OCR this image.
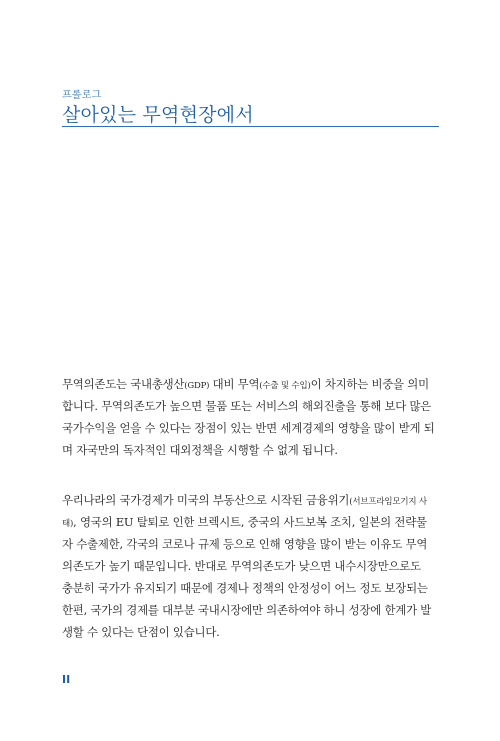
프롤로그
살아있는 무역현장에서
무역의존도는 국내총생산(GDP) 대비 무역(수출 및 수입)이 차지하는 비중을 의미
합니다. 무역의존도가 높으면 물품 또는 서비스의 해외진출을 통해 보다 많은
국가수익을 얻을 수 있다는 장점이 있는 반면 세계경제의 영향을 많이 받게 되
며 자국만의 독자적인 대외정책을 시행할 수 없게 됩니다.
우리나라의 국가경제가 미국의 부동산으로 시작된 금융위기(서브프라임모기지 사
태), 영국의 EU 탈퇴로 인한 브렉시트, 중국의 사드보복 조치, 일본의 전략물
자 수출제한, 각국의 코로나 규제 등으로 인해 영향을 많이 받는 이유도 무역
의존도가 높기 때문입니다. 반대로 무역의존도가 낮으면 내수시장만으로도
충분히 국가가 유지되기 때문에 경제나 정책의 안정성이 어느 정도 보장되는
한편, 국가의 경제를 대부분 국내시장에만 의존하여야 하니 성장에 한계가 발
생할 수 있다는 단점이 있습니다.
II
